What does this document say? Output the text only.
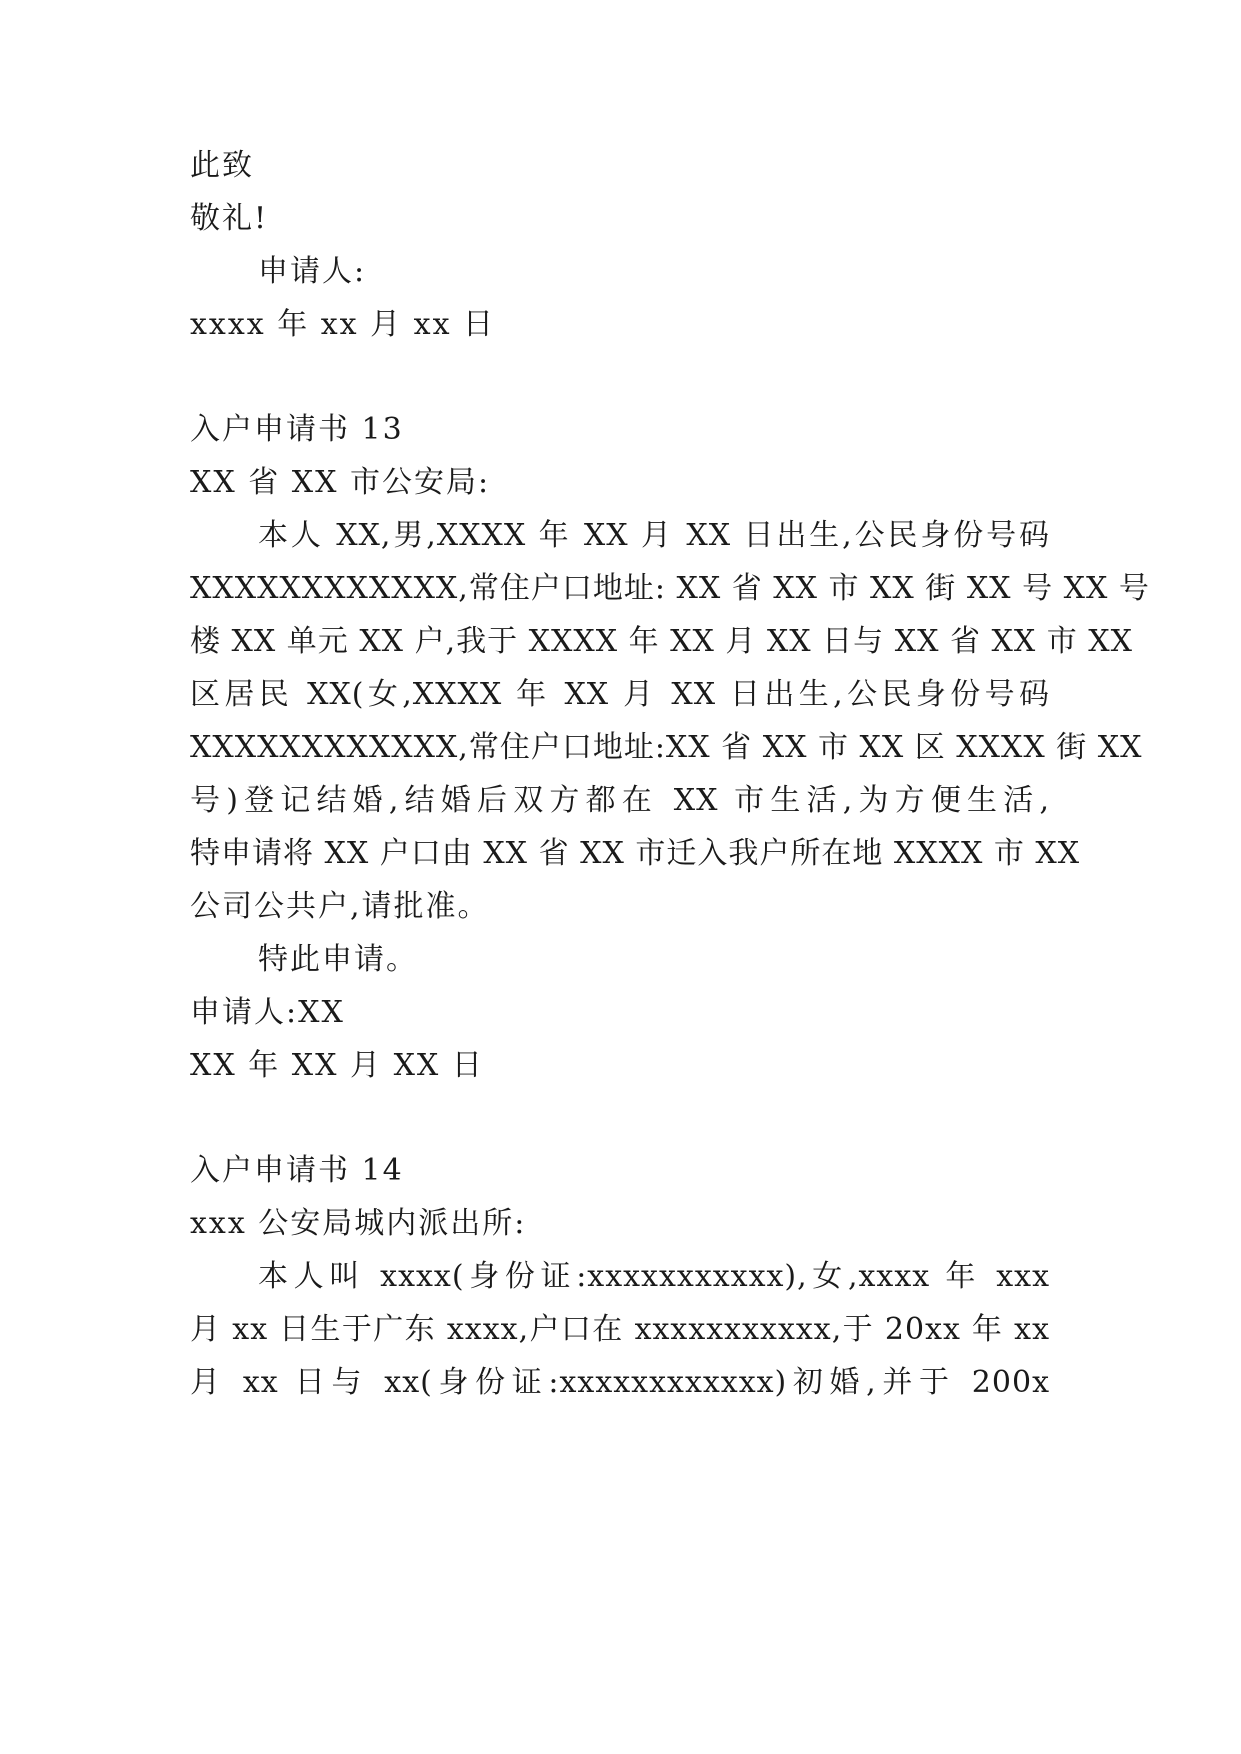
此致

敬礼!

申请人:

xxxx 年 xx 月 xx 日

入户申请书 13

XX 省 XX 市公安局:

本人 XX,男,XXXX 年 XX 月 XX 日出生,公民身份号码

XXXXXXXXXXXX,常住户口地址: XX 省 XX 市 XX 街 XX 号 XX 号

楼 XX 单元 XX 户,我于 XXXX 年 XX 月 XX 日与 XX 省 XX 市 XX

区居民 XX(女,XXXX 年 XX 月 XX 日出生,公民身份号码

XXXXXXXXXXXX,常住户口地址:XX 省 XX 市 XX 区 XXXX 街 XX

号)登记结婚,结婚后双方都在 XX 市生活,为方便生活,

特申请将 XX 户口由 XX 省 XX 市迁入我户所在地 XXXX 市 XX

公司公共户,请批准。

特此申请。

申请人:XX

XX 年 XX 月 XX 日

入户申请书 14

xxx 公安局城内派出所:

本人叫 xxxx(身份证:xxxxxxxxxxx),女,xxxx 年 xxx

月 xx 日生于广东 xxxx,户口在 xxxxxxxxxxx,于 20xx 年 xx

月 xx 日与 xx(身份证:xxxxxxxxxxxx)初婚,并于 200x
